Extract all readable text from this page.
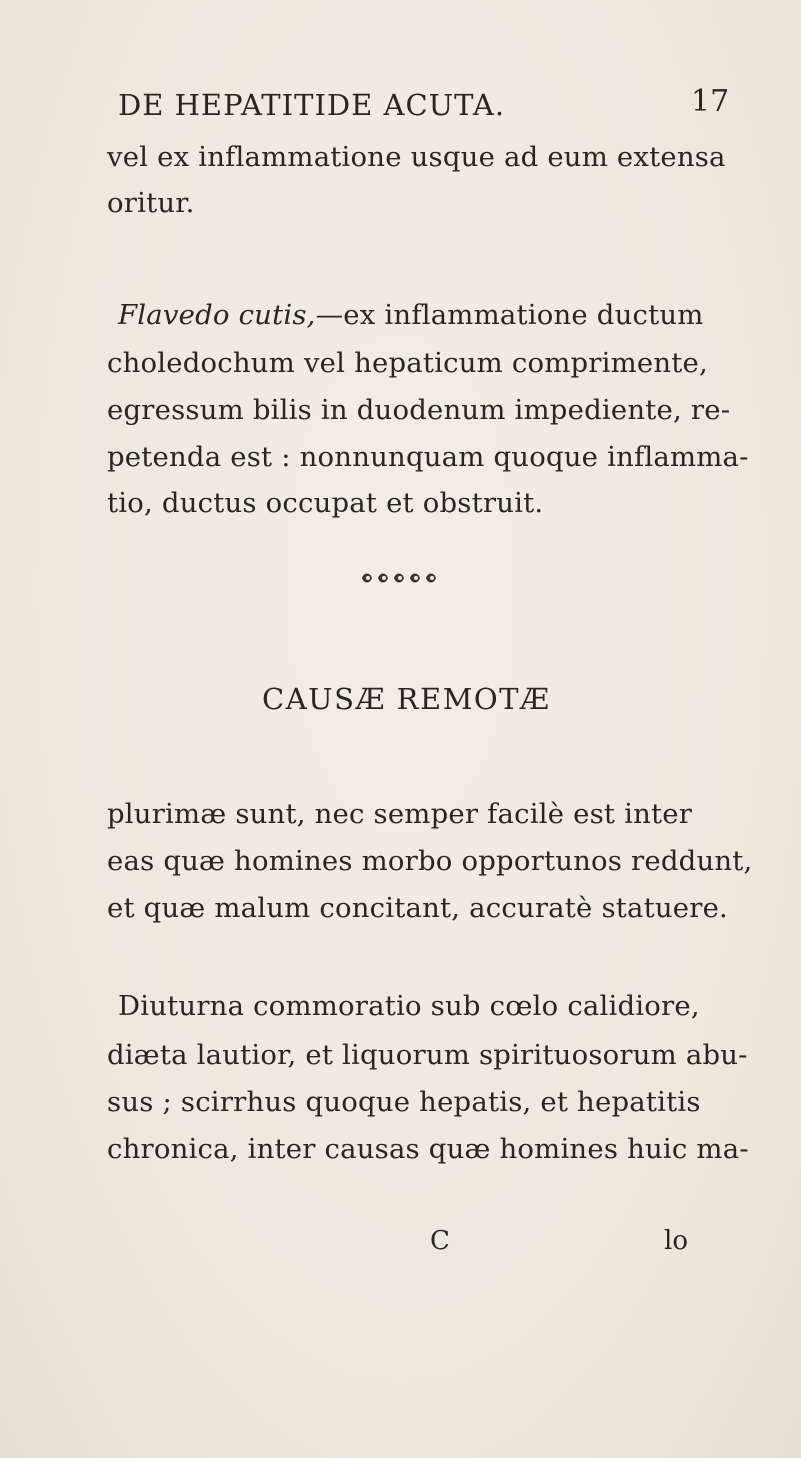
DE HEPATITIDE ACUTA.	17
vel ex inflammatione usque ad eum extensa
oritur.
Flavedo cutis,—ex inflammatione ductum
choledochum vel hepaticum comprimente,
egressum bilis in duodenum impediente, re-
petenda est : nonnunquam quoque inflamma-
tio, ductus occupat et obstruit.
CAUSÆ REMOTÆ
plurimæ sunt, nec semper facilè est inter
eas quæ homines morbo opportunos reddunt,
et quæ malum concitant, accuratè statuere.
Diuturna commoratio sub cœlo calidiore,
diæta lautior, et liquorum spirituosorum abu-
sus ; scirrhus quoque hepatis, et hepatitis
chronica, inter causas quæ homines huic ma-
C	lo
